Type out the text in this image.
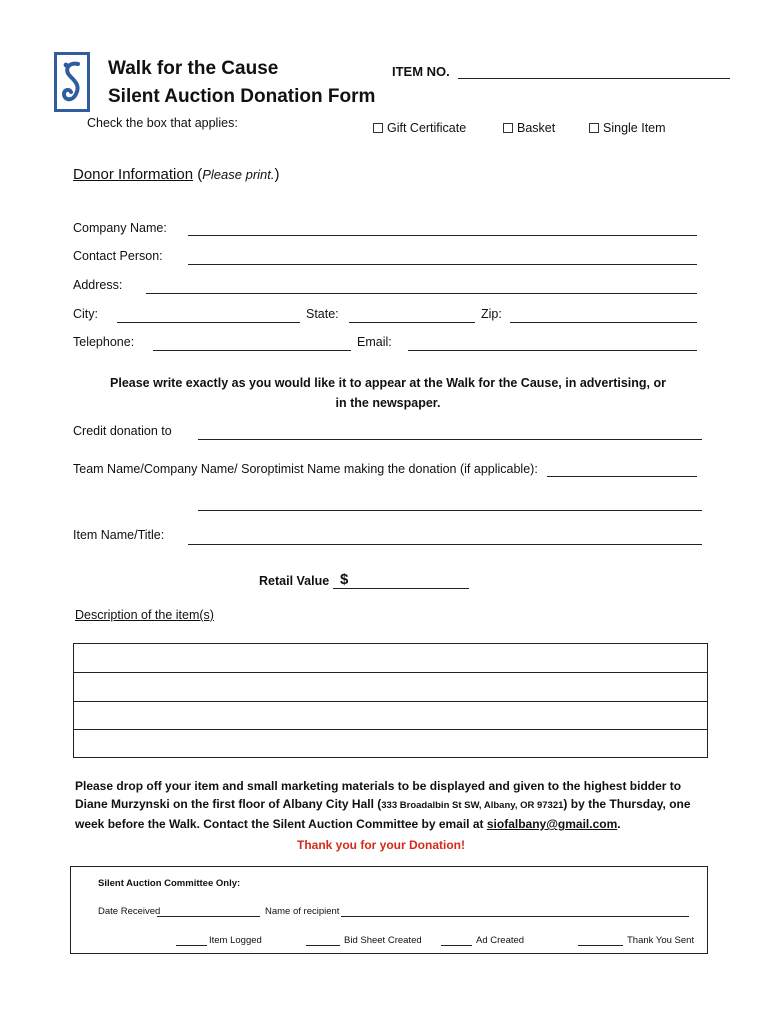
Walk for the Cause
Silent Auction Donation Form
ITEM NO.
Check the box that applies:	Gift Certificate	Basket	Single Item
Donor Information (Please print.)
Company Name:
Contact Person:
Address:
City:	State:	Zip:
Telephone:	Email:
Please write exactly as you would like it to appear at the Walk for the Cause, in advertising, or
in the newspaper.
Credit donation to
Team Name/Company Name/ Soroptimist Name making the donation (if applicable):
Item Name/Title:
Retail Value $
Description of the item(s)
Please drop off your item and small marketing materials to be displayed and given to the highest bidder to
Diane Murzynski on the first floor of Albany City Hall (333 Broadalbin St SW, Albany, OR 97321) by the Thursday, one
week before the Walk. Contact the Silent Auction Committee by email at siofalbany@gmail.com.
Thank you for your Donation!
Silent Auction Committee Only:
Date Received	Name of recipient
Item Logged	Bid Sheet Created	Ad Created	Thank You Sent
